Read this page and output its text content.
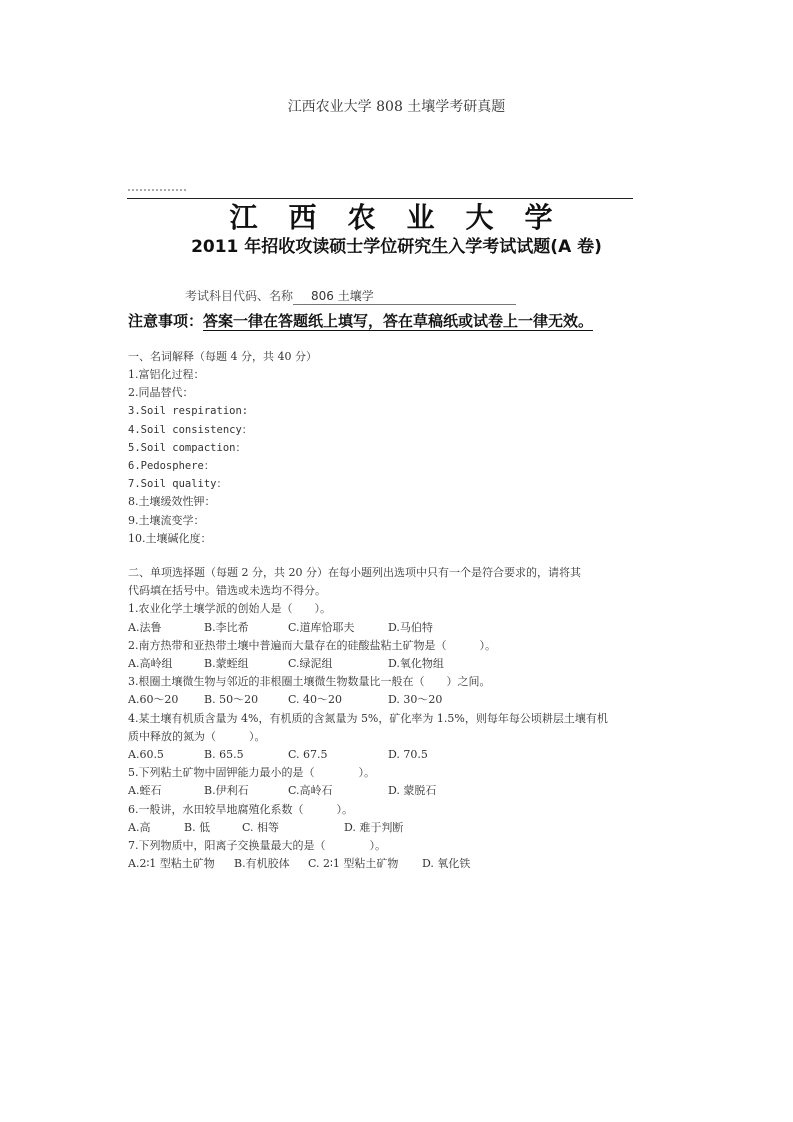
江西农业大学 808 土壤学考研真题
江西农业大学
2011 年招收攻读硕士学位研究生入学考试试题(A 卷)
考试科目代码、名称 806 土壤学
注意事项：答案一律在答题纸上填写，答在草稿纸或试卷上一律无效。
一、名词解释（每题 4 分，共 40 分）
1.富铝化过程：
2.同晶替代：
3.Soil respiration:
4.Soil consistency：
5.Soil compaction：
6.Pedosphere：
7.Soil quality：
8.土壤缓效性钾：
9.土壤流变学：
10.土壤碱化度：
二、单项选择题（每题 2 分，共 20 分）在每小题列出选项中只有一个是符合要求的，请将其
代码填在括号中。错选或未选均不得分。
1.农业化学土壤学派的创始人是（　　）。
A.法鲁	B.李比希	C.道库恰耶夫	D.马伯特
2.南方热带和亚热带土壤中普遍而大量存在的硅酸盐粘土矿物是（　　　）。
A.高岭组	B.蒙蛭组	C.绿泥组	D.氧化物组
3.根圈土壤微生物与邻近的非根圈土壤微生物数量比一般在（　　）之间。
A.60～20 B. 50～20	C. 40～20	D. 30～20
4.某土壤有机质含量为 4%，有机质的含氮量为 5%，矿化率为 1.5%，则每年每公顷耕层土壤有机
质中释放的氮为（　　　）。
A.60.5	B. 65.5	C. 67.5	D. 70.5
5.下列粘土矿物中固钾能力最小的是（　　　　）。
A.蛭石	B.伊利石	C.高岭石	D. 蒙脱石
6.一般讲，水田较旱地腐殖化系数（　　　）。
A.高	B. 低	C. 相等	D. 难于判断
7.下列物质中，阳离子交换量最大的是（　　　　）。
A.2∶1 型粘土矿物 B.有机胶体 C. 2∶1 型粘土矿物 D. 氧化铁
